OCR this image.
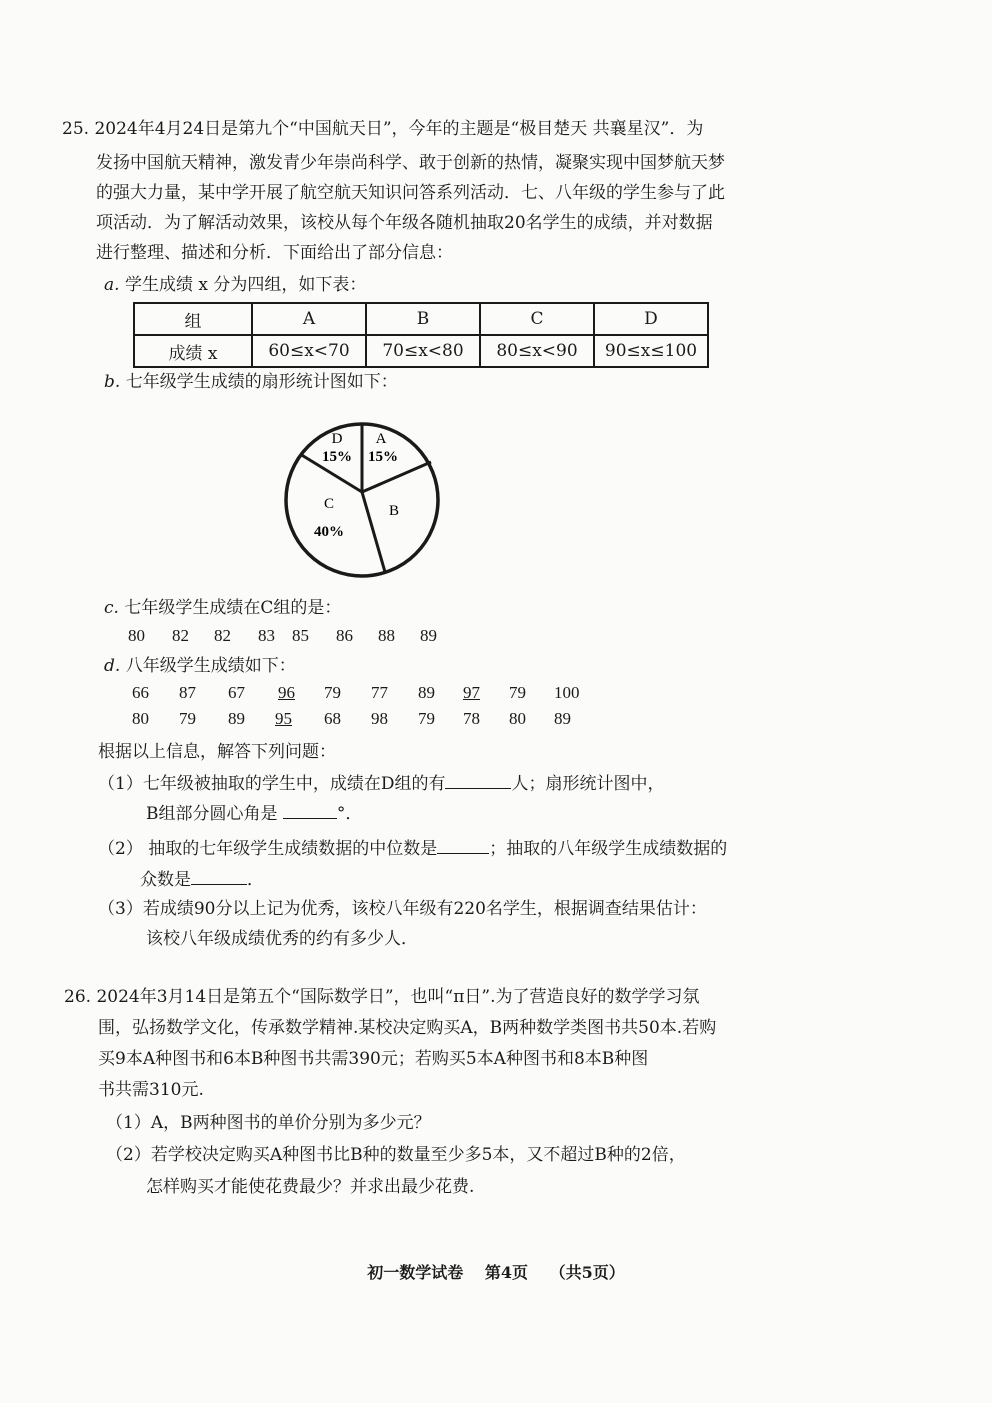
25. 2024年4月24日是第九个“中国航天日”，今年的主题是“极目楚天 共襄星汉”．为
发扬中国航天精神，激发青少年崇尚科学、敢于创新的热情，凝聚实现中国梦航天梦
的强大力量，某中学开展了航空航天知识问答系列活动．七、八年级的学生参与了此
项活动．为了解活动效果，该校从每个年级各随机抽取20名学生的成绩，并对数据
进行整理、描述和分析．下面给出了部分信息：
a. 学生成绩 x 分为四组，如下表：
组	A	B	C	D
成绩 x	60≤x<70	70≤x<80	80≤x<90	90≤x≤100
b. 七年级学生成绩的扇形统计图如下：
D
15%
A
15%
C
40%
B
c. 七年级学生成绩在C组的是：
80 82 82 83 85 86 88 89
d. 八年级学生成绩如下：
66 87 67 96 79 77 89 97 79 100
80 79 89 95 68 98 79 78 80 89
根据以上信息，解答下列问题：
（1）七年级被抽取的学生中，成绩在D组的有	人；扇形统计图中，
B组部分圆心角是	°．
（2） 抽取的七年级学生成绩数据的中位数是	；抽取的八年级学生成绩数据的
众数是	．
（3）若成绩90分以上记为优秀，该校八年级有220名学生，根据调查结果估计：
该校八年级成绩优秀的约有多少人．
26. 2024年3月14日是第五个“国际数学日”，也叫“π日”.为了营造良好的数学学习氛
围，弘扬数学文化，传承数学精神.某校决定购买A，B两种数学类图书共50本.若购
买9本A种图书和6本B种图书共需390元；若购买5本A种图书和8本B种图
书共需310元.
（1）A，B两种图书的单价分别为多少元？
（2）若学校决定购买A种图书比B种的数量至少多5本，又不超过B种的2倍，
怎样购买才能使花费最少？并求出最少花费.
初一数学试卷 第4页 （共5页）
